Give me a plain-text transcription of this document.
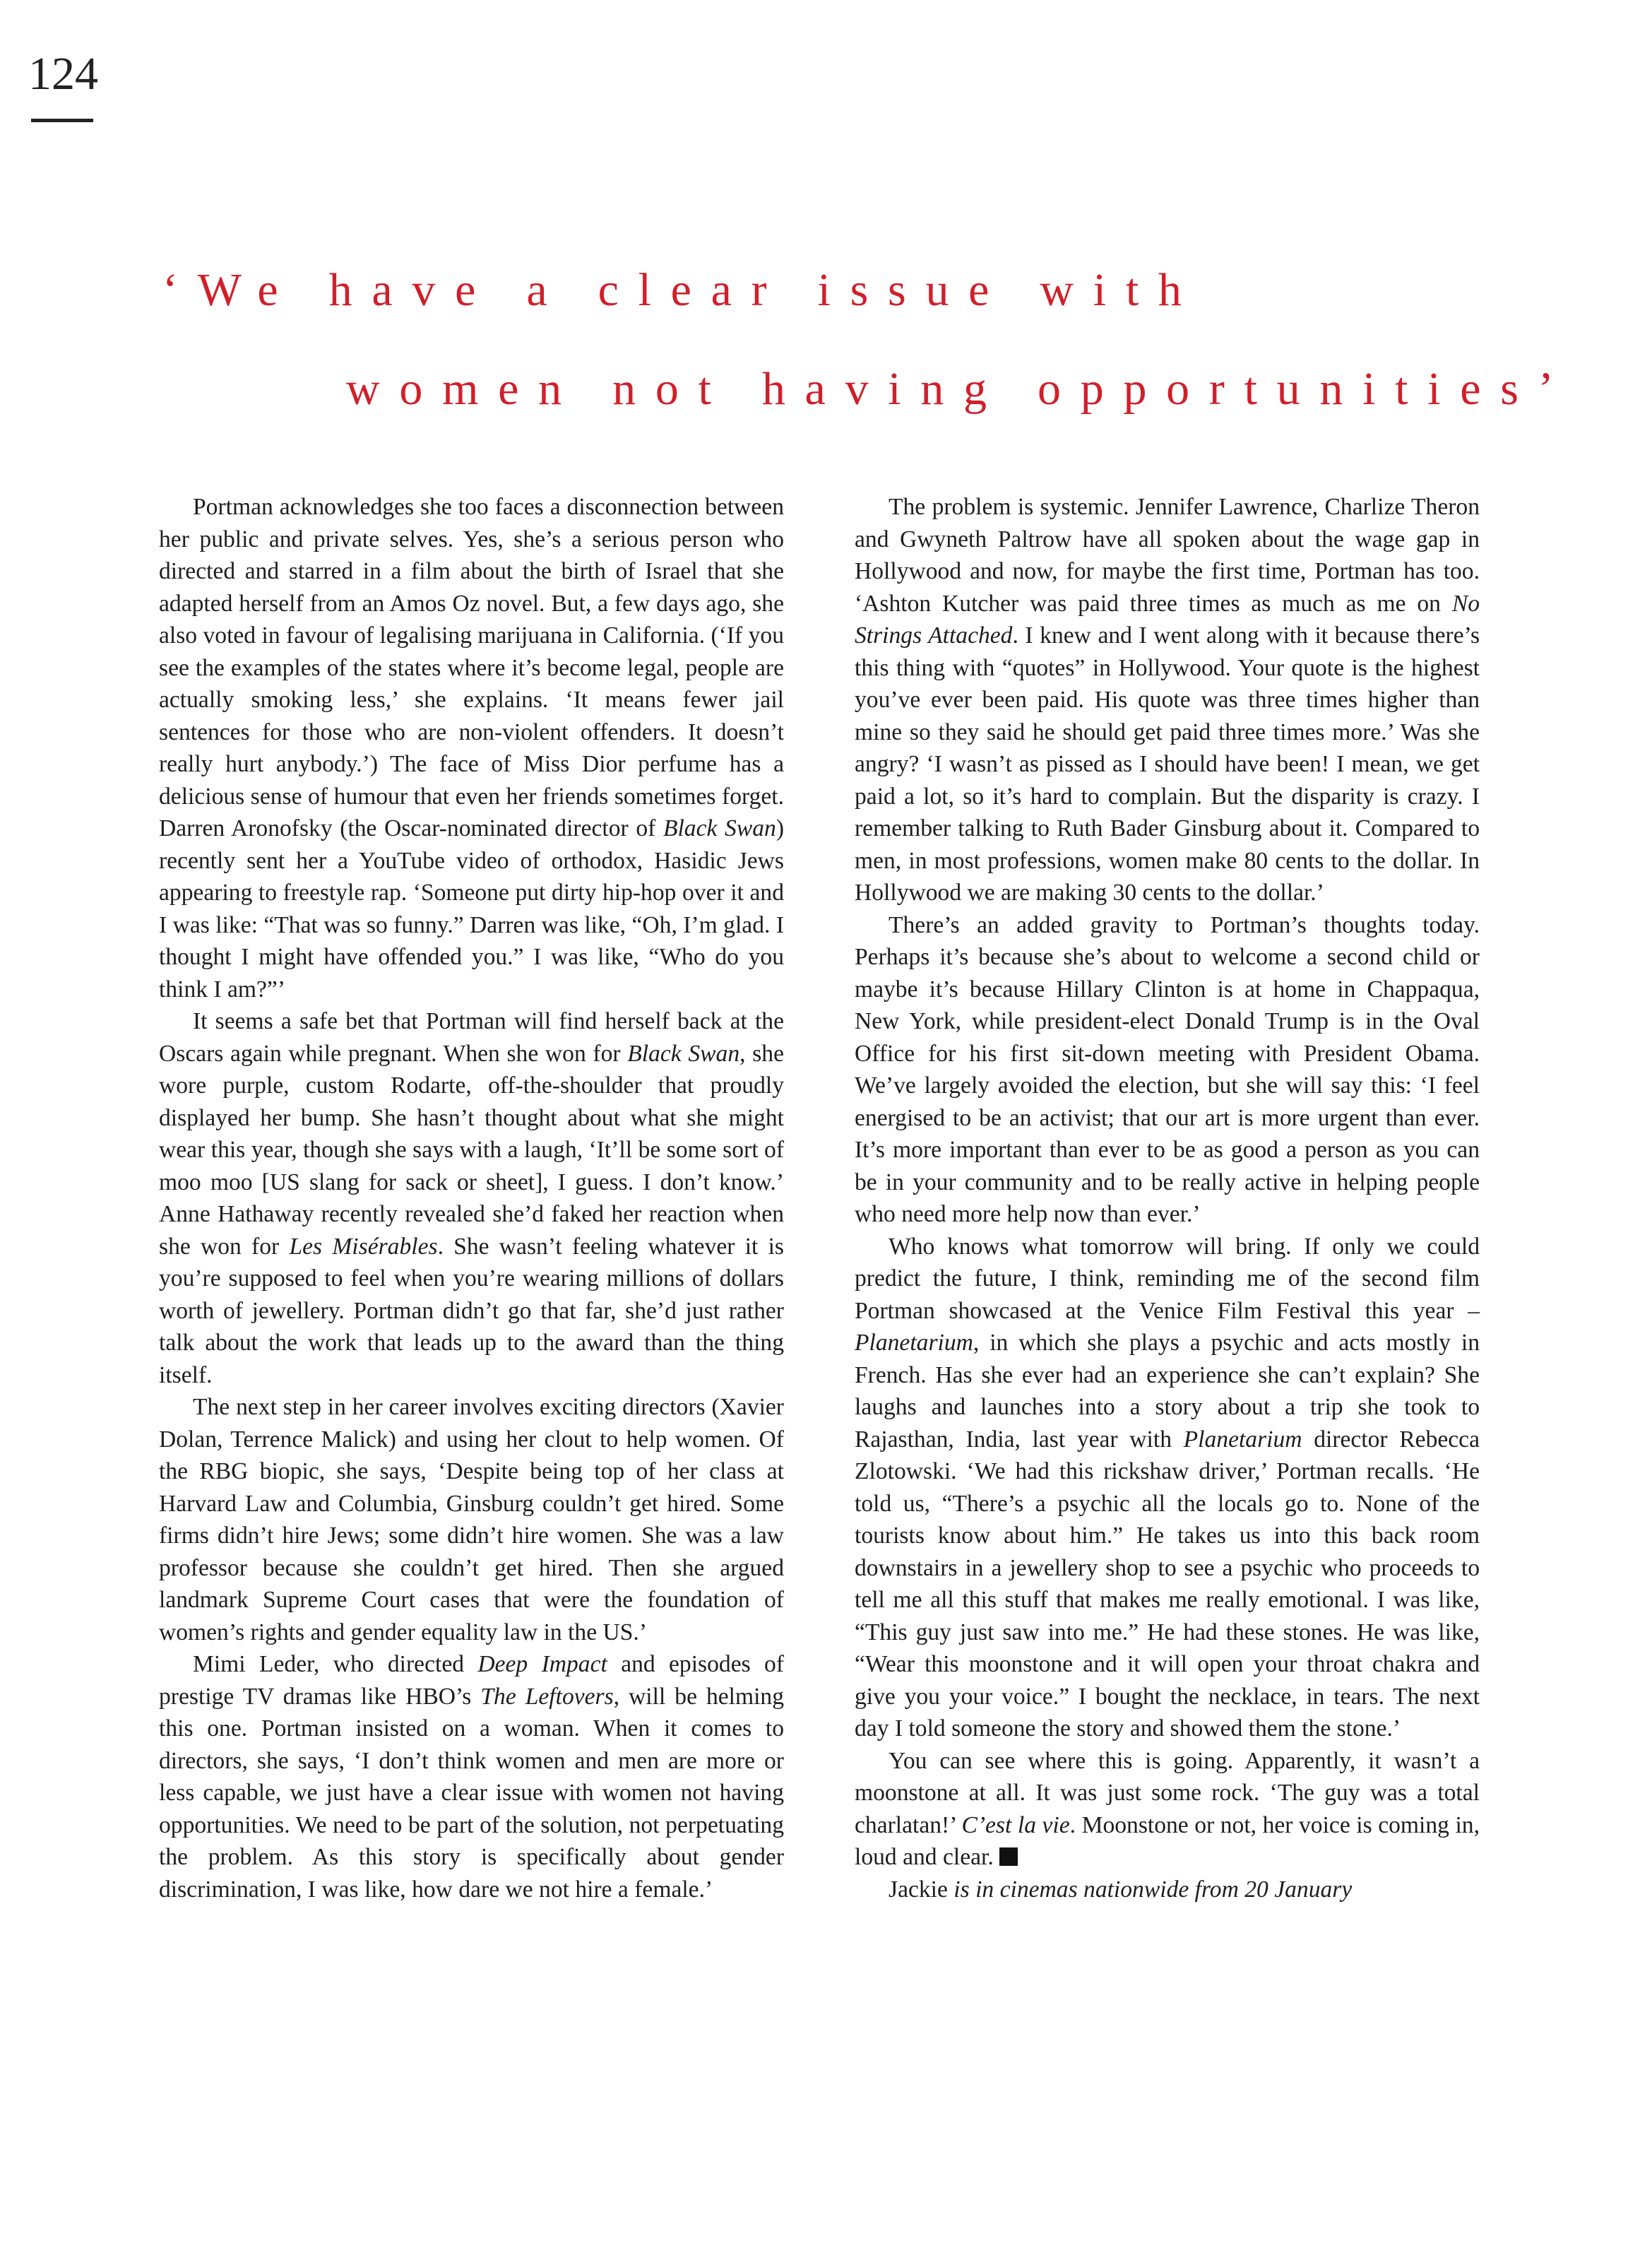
124
‘We have a clear issue with
women not having opportunities’

Portman acknowledges she too faces a disconnection between her public and private selves. Yes, she’s a serious person who directed and starred in a film about the birth of Israel that she adapted herself from an Amos Oz novel. But, a few days ago, she also voted in favour of legalising marijuana in California. (‘If you see the examples of the states where it’s become legal, people are actually smoking less,’ she explains. ‘It means fewer jail sentences for those who are non-violent offenders. It doesn’t really hurt anybody.’) The face of Miss Dior perfume has a delicious sense of humour that even her friends sometimes forget. Darren Aronofsky (the Oscar-nominated director of Black Swan) recently sent her a YouTube video of orthodox, Hasidic Jews appearing to freestyle rap. ‘Someone put dirty hip-hop over it and I was like: “That was so funny.” Darren was like, “Oh, I’m glad. I thought I might have offended you.” I was like, “Who do you think I am?”’

It seems a safe bet that Portman will find herself back at the Oscars again while pregnant. When she won for Black Swan, she wore purple, custom Rodarte, off-the-shoulder that proudly displayed her bump. She hasn’t thought about what she might wear this year, though she says with a laugh, ‘It’ll be some sort of moo moo [US slang for sack or sheet], I guess. I don’t know.’ Anne Hathaway recently revealed she’d faked her reaction when she won for Les Misérables. She wasn’t feeling whatever it is you’re supposed to feel when you’re wearing millions of dollars worth of jewellery. Portman didn’t go that far, she’d just rather talk about the work that leads up to the award than the thing itself.

The next step in her career involves exciting directors (Xavier Dolan, Terrence Malick) and using her clout to help women. Of the RBG biopic, she says, ‘Despite being top of her class at Harvard Law and Columbia, Ginsburg couldn’t get hired. Some firms didn’t hire Jews; some didn’t hire women. She was a law professor because she couldn’t get hired. Then she argued landmark Supreme Court cases that were the foundation of women’s rights and gender equality law in the US.’

Mimi Leder, who directed Deep Impact and episodes of prestige TV dramas like HBO’s The Leftovers, will be helming this one. Portman insisted on a woman. When it comes to directors, she says, ‘I don’t think women and men are more or less capable, we just have a clear issue with women not having opportunities. We need to be part of the solution, not perpetuating the problem. As this story is specifically about gender discrimination, I was like, how dare we not hire a female.’

The problem is systemic. Jennifer Lawrence, Charlize Theron and Gwyneth Paltrow have all spoken about the wage gap in Hollywood and now, for maybe the first time, Portman has too. ‘Ashton Kutcher was paid three times as much as me on No Strings Attached. I knew and I went along with it because there’s this thing with “quotes” in Hollywood. Your quote is the highest you’ve ever been paid. His quote was three times higher than mine so they said he should get paid three times more.’ Was she angry? ‘I wasn’t as pissed as I should have been! I mean, we get paid a lot, so it’s hard to complain. But the disparity is crazy. I remember talking to Ruth Bader Ginsburg about it. Compared to men, in most professions, women make 80 cents to the dollar. In Hollywood we are making 30 cents to the dollar.’

There’s an added gravity to Portman’s thoughts today. Perhaps it’s because she’s about to welcome a second child or maybe it’s because Hillary Clinton is at home in Chappaqua, New York, while president-elect Donald Trump is in the Oval Office for his first sit-down meeting with President Obama. We’ve largely avoided the election, but she will say this: ‘I feel energised to be an activist; that our art is more urgent than ever. It’s more important than ever to be as good a person as you can be in your community and to be really active in helping people who need more help now than ever.’

Who knows what tomorrow will bring. If only we could predict the future, I think, reminding me of the second film Portman showcased at the Venice Film Festival this year – Planetarium, in which she plays a psychic and acts mostly in French. Has she ever had an experience she can’t explain? She laughs and launches into a story about a trip she took to Rajasthan, India, last year with Planetarium director Rebecca Zlotowski. ‘We had this rickshaw driver,’ Portman recalls. ‘He told us, “There’s a psychic all the locals go to. None of the tourists know about him.” He takes us into this back room downstairs in a jewellery shop to see a psychic who proceeds to tell me all this stuff that makes me really emotional. I was like, “This guy just saw into me.” He had these stones. He was like, “Wear this moonstone and it will open your throat chakra and give you your voice.” I bought the necklace, in tears. The next day I told someone the story and showed them the stone.’

You can see where this is going. Apparently, it wasn’t a moonstone at all. It was just some rock. ‘The guy was a total charlatan!’ C’est la vie. Moonstone or not, her voice is coming in, loud and clear.

Jackie is in cinemas nationwide from 20 January
